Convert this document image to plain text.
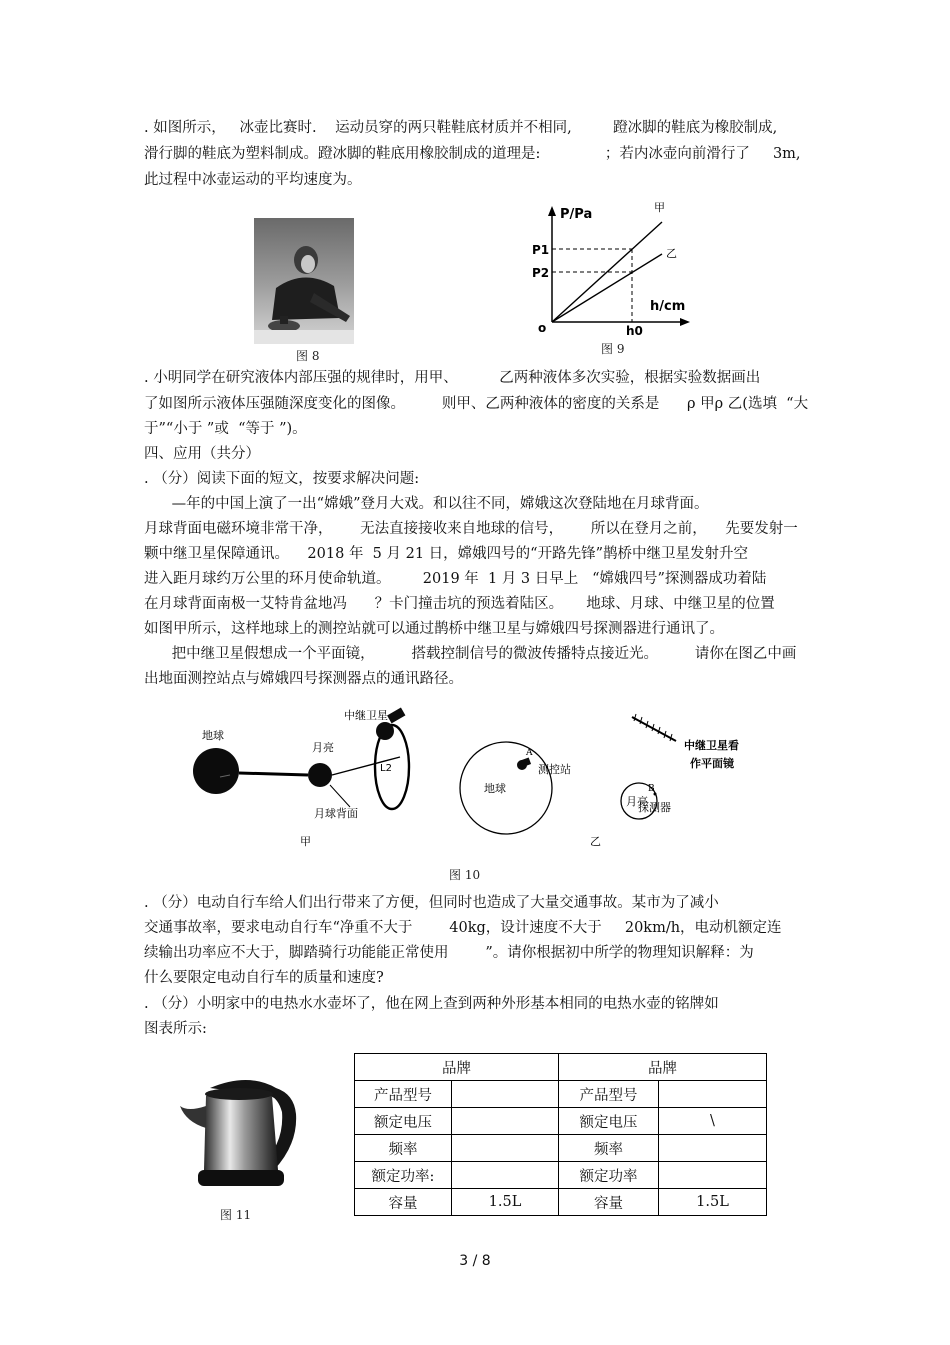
. 如图所示，   冰壶比赛时.    运动员穿的两只鞋鞋底材质并不相同,         蹬冰脚的鞋底为橡胶制成,
滑行脚的鞋底为塑料制成。蹬冰脚的鞋底用橡胶制成的道理是:              ；若内冰壶向前滑行了     3m,
此过程中冰壶运动的平均速度为。
图 8
P/Pa
h/cm
P1
P2
o	h0
甲
乙
图 9
. 小明同学在研究液体内部压强的规律时，用甲、         乙两种液体多次实验，根据实验数据画出
了如图所示液体压强随深度变化的图像。        则甲、乙两种液体的密度的关系是      ρ 甲ρ 乙(选填  “大
于”“小于 ”或  “等于 ”)。
四、应用（共分）
. （分）阅读下面的短文，按要求解决问题:
—年的中国上演了一出“嫦娥”登月大戏。和以往不同，嫦娥这次登陆地在月球背面。
月球背面电磁环境非常干净，      无法直接接收来自地球的信号，      所以在登月之前，    先要发射一
颗中继卫星保障通讯。    2018 年  5 月 21 日，嫦娥四号的“开路先锋”鹊桥中继卫星发射升空
进入距月球约万公里的环月使命轨道。       2019 年  1 月 3 日早上   “嫦娥四号”探测器成功着陆
在月球背面南极一艾特肯盆地冯      ？卡门撞击坑的预选着陆区。     地球、月球、中继卫星的位置
如图甲所示，这样地球上的测控站就可以通过鹊桥中继卫星与嫦娥四号探测器进行通讯了。
把中继卫星假想成一个平面镜，        搭载控制信号的微波传播特点接近光。        请你在图乙中画
出地面测控站点与嫦娥四号探测器点的通讯路径。
地球
月亮
中继卫星
L2
月球背面
甲
地球
A
测控站
月亮
B
探测器
中继卫星看
作平面镜
乙
图 10
. （分）电动自行车给人们出行带来了方便，但同时也造成了大量交通事故。某市为了减小
交通事故率，要求电动自行车“净重不大于        40kg，设计速度不大于     20km/h，电动机额定连
续输出功率应不大于，脚踏骑行功能能正常使用        ”。请你根据初中所学的物理知识解释：为
什么要限定电动自行车的质量和速度?
. （分）小明家中的电热水水壶坏了，他在网上查到两种外形基本相同的电热水壶的铭牌如
图表所示:
图 11
品牌		品牌	
产品型号		产品型号	
额定电压		额定电压	\
频率		频率	
额定功率:		额定功率	
容量	1.5L	容量	1.5L
3 / 8
